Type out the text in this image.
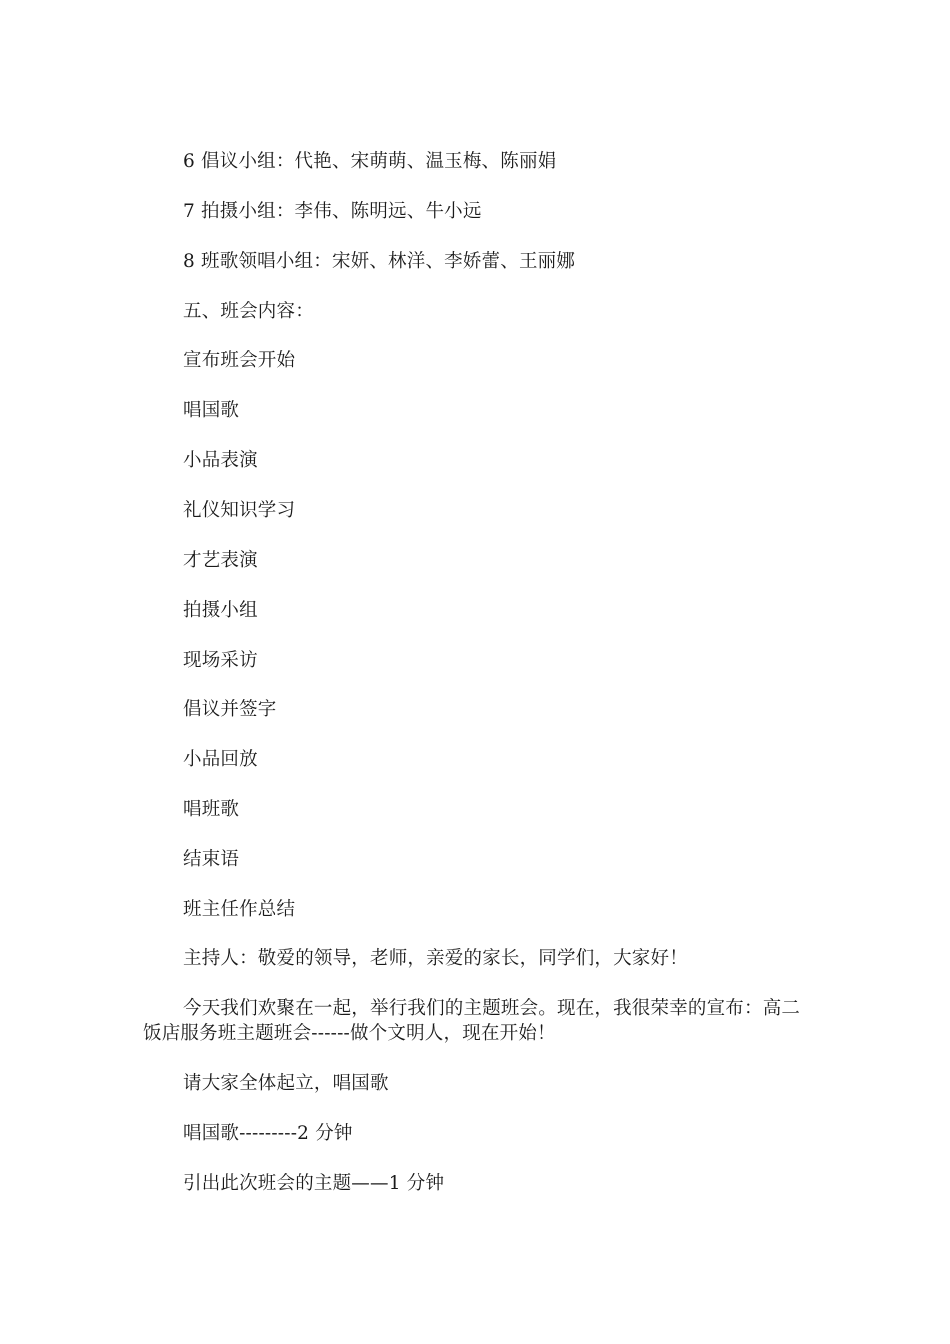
6 倡议小组：代艳、宋萌萌、温玉梅、陈丽娟

7 拍摄小组：李伟、陈明远、牛小远

8 班歌领唱小组：宋妍、林洋、李娇蕾、王丽娜

五、班会内容：

宣布班会开始

唱国歌

小品表演

礼仪知识学习

才艺表演

拍摄小组

现场采访

倡议并签字

小品回放

唱班歌

结束语

班主任作总结

主持人：敬爱的领导，老师，亲爱的家长，同学们，大家好！

今天我们欢聚在一起，举行我们的主题班会。现在，我很荣幸的宣布：高二饭店服务班主题班会------做个文明人，现在开始！

请大家全体起立，唱国歌

唱国歌---------2 分钟

引出此次班会的主题——1 分钟
